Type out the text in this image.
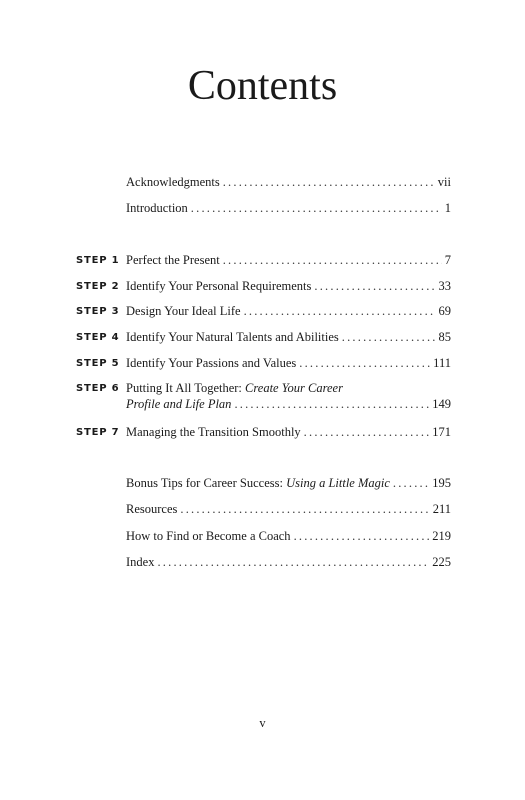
Contents
Acknowledgments .....	vii
Introduction .....	1
STEP 1 Perfect the Present .....	7
STEP 2 Identify Your Personal Requirements .....	33
STEP 3 Design Your Ideal Life .....	69
STEP 4 Identify Your Natural Talents and Abilities .....	85
STEP 5 Identify Your Passions and Values .....	111
STEP 6 Putting It All Together: Create Your Career
Profile and Life Plan .....	149
STEP 7 Managing the Transition Smoothly .....	171
Bonus Tips for Career Success: Using a Little Magic .....	195
Resources .....	211
How to Find or Become a Coach .....	219
Index .....	225
v
